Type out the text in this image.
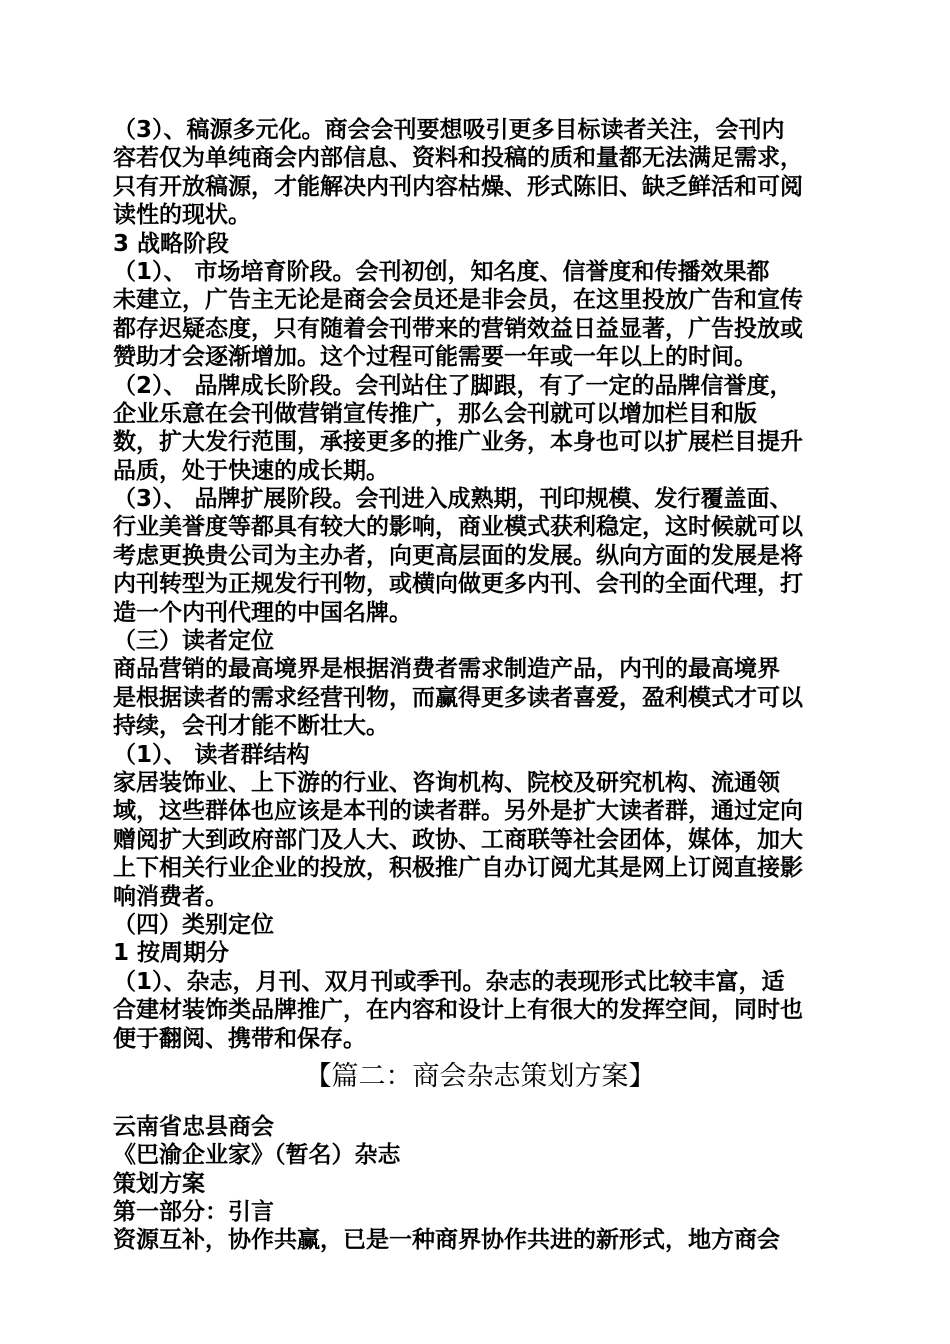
（3）、稿源多元化。商会会刊要想吸引更多目标读者关注，会刊内
容若仅为单纯商会内部信息、资料和投稿的质和量都无法满足需求，
只有开放稿源，才能解决内刊内容枯燥、形式陈旧、缺乏鲜活和可阅
读性的现状。
3 战略阶段
（1）、 市场培育阶段。会刊初创，知名度、信誉度和传播效果都
未建立，广告主无论是商会会员还是非会员，在这里投放广告和宣传
都存迟疑态度，只有随着会刊带来的营销效益日益显著，广告投放或
赞助才会逐渐增加。这个过程可能需要一年或一年以上的时间。
（2）、 品牌成长阶段。会刊站住了脚跟，有了一定的品牌信誉度，
企业乐意在会刊做营销宣传推广，那么会刊就可以增加栏目和版
数，扩大发行范围，承接更多的推广业务，本身也可以扩展栏目提升
品质，处于快速的成长期。
（3）、 品牌扩展阶段。会刊进入成熟期，刊印规模、发行覆盖面、
行业美誉度等都具有较大的影响，商业模式获利稳定，这时候就可以
考虑更换贵公司为主办者，向更高层面的发展。纵向方面的发展是将
内刊转型为正规发行刊物，或横向做更多内刊、会刊的全面代理，打
造一个内刊代理的中国名牌。
（三）读者定位
商品营销的最高境界是根据消费者需求制造产品，内刊的最高境界
是根据读者的需求经营刊物，而赢得更多读者喜爱，盈利模式才可以
持续，会刊才能不断壮大。
（1）、 读者群结构
家居装饰业、上下游的行业、咨询机构、院校及研究机构、流通领
域，这些群体也应该是本刊的读者群。另外是扩大读者群，通过定向
赠阅扩大到政府部门及人大、政协、工商联等社会团体，媒体，加大
上下相关行业企业的投放，积极推广自办订阅尤其是网上订阅直接影
响消费者。
（四）类别定位
1 按周期分
（1）、杂志，月刊、双月刊或季刊。杂志的表现形式比较丰富，适
合建材装饰类品牌推广，在内容和设计上有很大的发挥空间，同时也
便于翻阅、携带和保存。
【篇二：商会杂志策划方案】
云南省忠县商会
《巴渝企业家》（暂名）杂志
策划方案
第一部分：引言
资源互补，协作共赢，已是一种商界协作共进的新形式，地方商会
